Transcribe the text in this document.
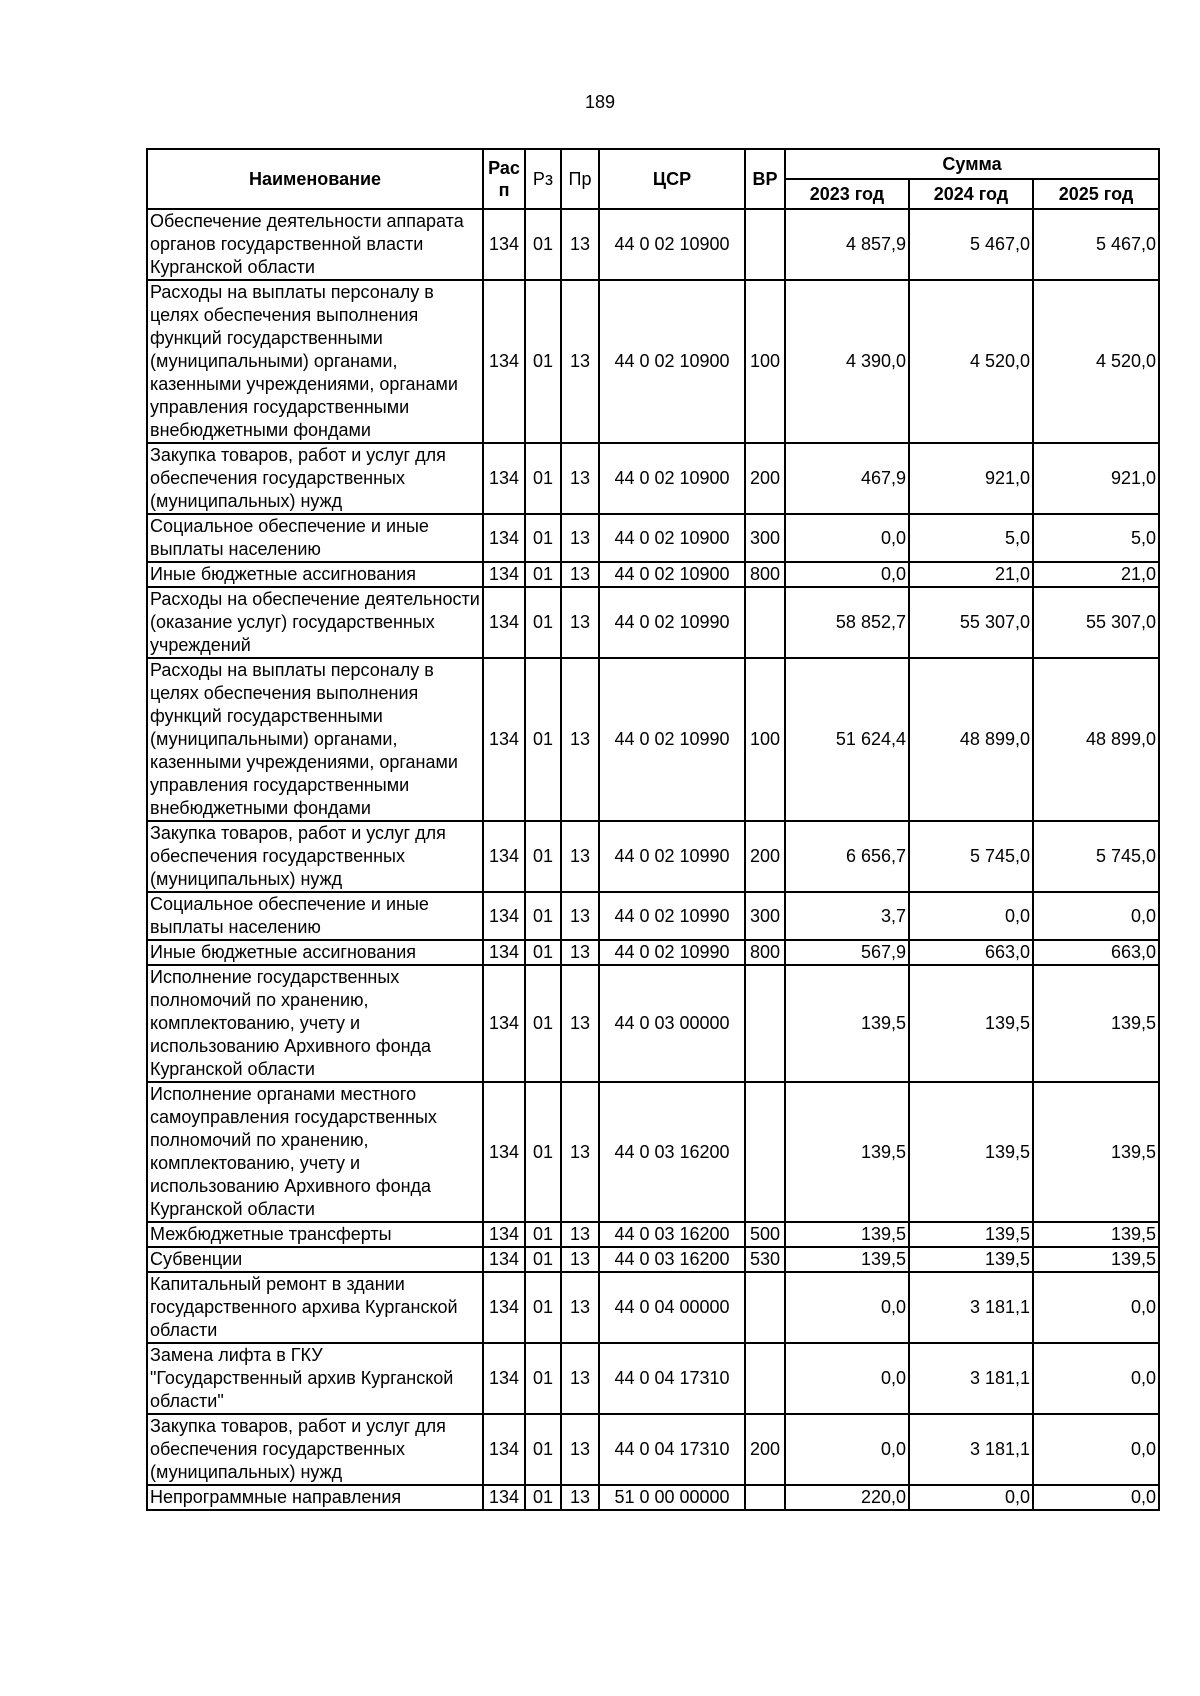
189
Наименование	Рас п	Рз	Пр	ЦСР	ВР	Сумма		
						2023 год	2024 год	2025 год
Обеспечение деятельности аппарата органов государственной власти Курганской области	134	01	13	44 0 02 10900		4 857,9	5 467,0	5 467,0
Расходы на выплаты персоналу в целях обеспечения выполнения функций государственными (муниципальными) органами, казенными учреждениями, органами управления государственными внебюджетными фондами	134	01	13	44 0 02 10900	100	4 390,0	4 520,0	4 520,0
Закупка товаров, работ и услуг для обеспечения государственных (муниципальных) нужд	134	01	13	44 0 02 10900	200	467,9	921,0	921,0
Социальное обеспечение и иные выплаты населению	134	01	13	44 0 02 10900	300	0,0	5,0	5,0
Иные бюджетные ассигнования	134	01	13	44 0 02 10900	800	0,0	21,0	21,0
Расходы на обеспечение деятельности (оказание услуг) государственных учреждений	134	01	13	44 0 02 10990		58 852,7	55 307,0	55 307,0
Расходы на выплаты персоналу в целях обеспечения выполнения функций государственными (муниципальными) органами, казенными учреждениями, органами управления государственными внебюджетными фондами	134	01	13	44 0 02 10990	100	51 624,4	48 899,0	48 899,0
Закупка товаров, работ и услуг для обеспечения государственных (муниципальных) нужд	134	01	13	44 0 02 10990	200	6 656,7	5 745,0	5 745,0
Социальное обеспечение и иные выплаты населению	134	01	13	44 0 02 10990	300	3,7	0,0	0,0
Иные бюджетные ассигнования	134	01	13	44 0 02 10990	800	567,9	663,0	663,0
Исполнение государственных полномочий по хранению, комплектованию, учету и использованию Архивного фонда Курганской области	134	01	13	44 0 03 00000		139,5	139,5	139,5
Исполнение органами местного самоуправления государственных полномочий по хранению, комплектованию, учету и использованию Архивного фонда Курганской области	134	01	13	44 0 03 16200		139,5	139,5	139,5
Межбюджетные трансферты	134	01	13	44 0 03 16200	500	139,5	139,5	139,5
Субвенции	134	01	13	44 0 03 16200	530	139,5	139,5	139,5
Капитальный ремонт в здании государственного архива Курганской области	134	01	13	44 0 04 00000		0,0	3 181,1	0,0
Замена лифта в ГКУ "Государственный архив Курганской области"	134	01	13	44 0 04 17310		0,0	3 181,1	0,0
Закупка товаров, работ и услуг для обеспечения государственных (муниципальных) нужд	134	01	13	44 0 04 17310	200	0,0	3 181,1	0,0
Непрограммные направления	134	01	13	51 0 00 00000		220,0	0,0	0,0
